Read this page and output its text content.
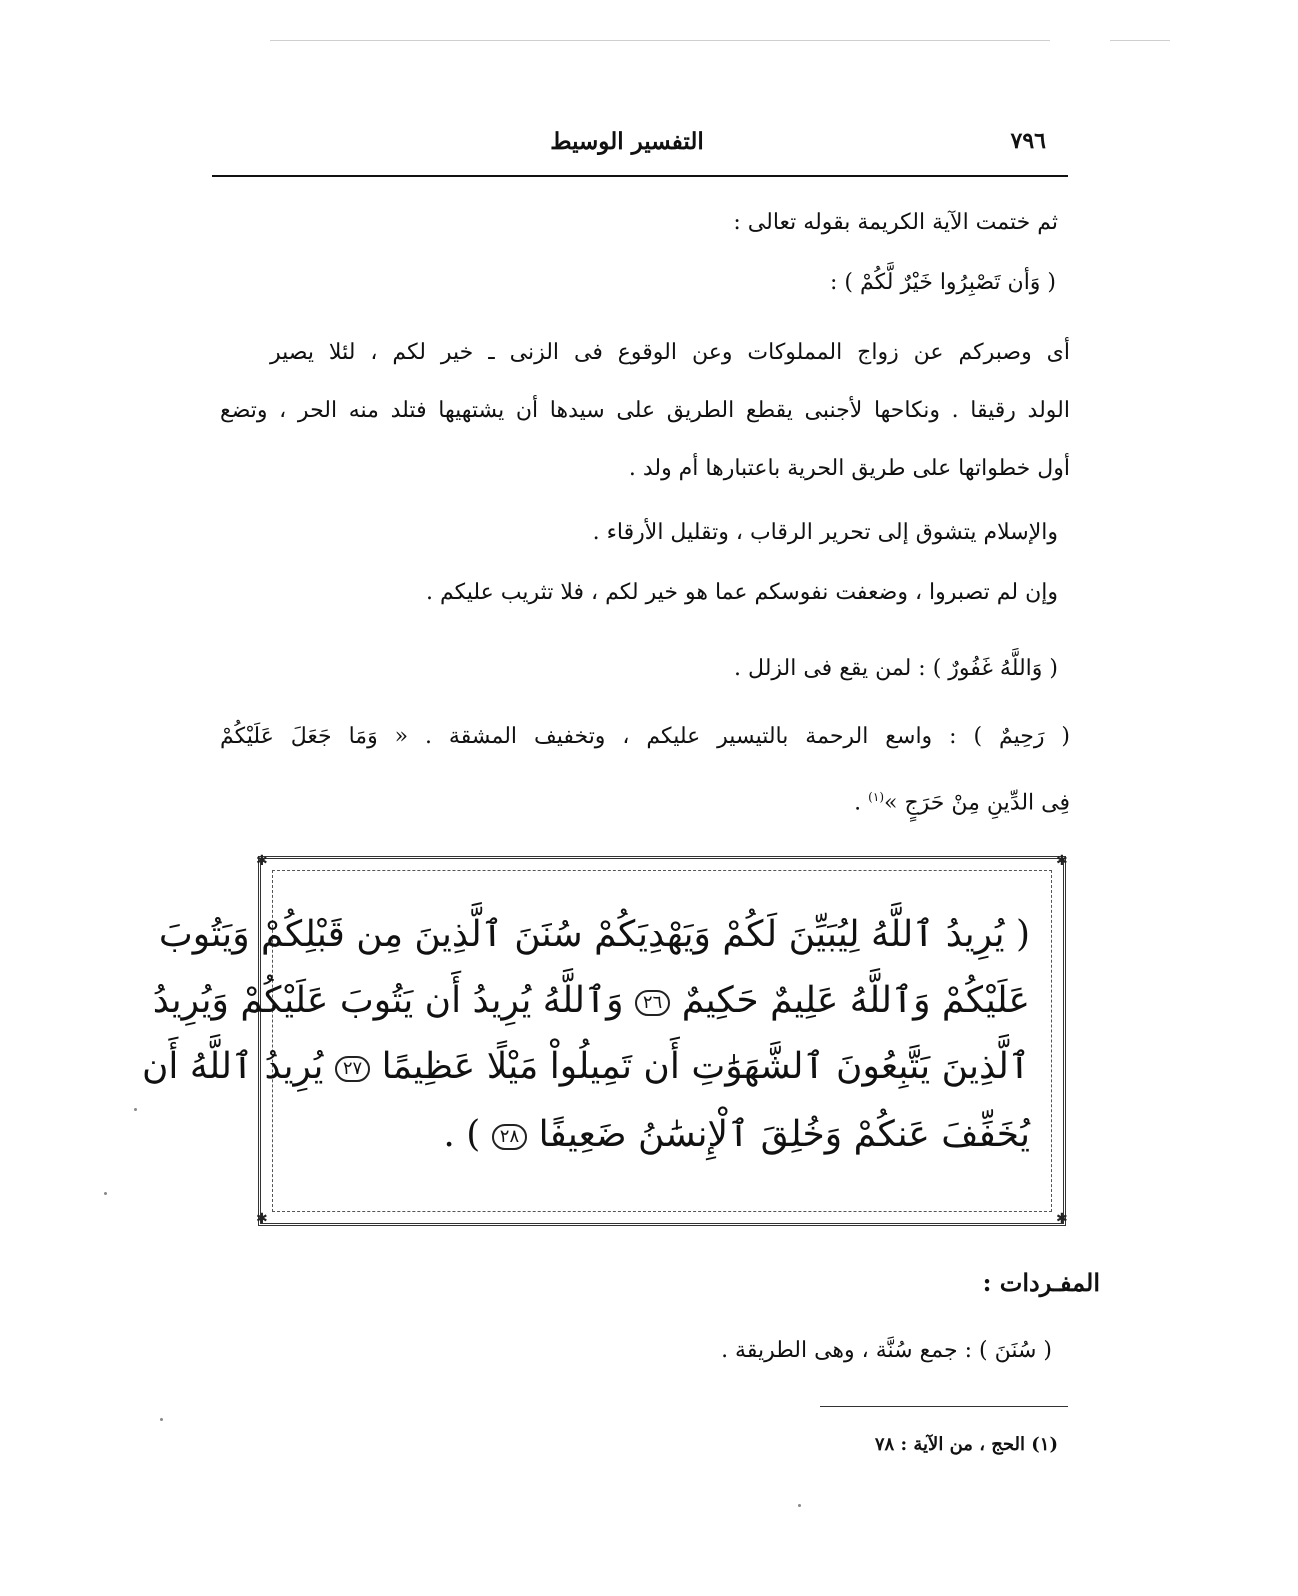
٧٩٦
التفسير الوسيط
ثم ختمت الآية الكريمة بقوله تعالى :
( وَأن تَصْبِرُوا خَيْرٌ لَّكُمْ ) :
أى وصبركم عن زواج المملوكات وعن الوقوع فى الزنى ـ خير لكم ، لئلا يصير
الولد رقيقا . ونكاحها لأجنبى يقطع الطريق على سيدها أن يشتهيها فتلد منه الحر ، وتضع
أول خطواتها على طريق الحرية باعتبارها أم ولد .
والإسلام يتشوق إلى تحرير الرقاب ، وتقليل الأرقاء .
وإن لم تصبروا ، وضعفت نفوسكم عما هو خير لكم ، فلا تثريب عليكم .
( وَاللَّهُ غَفُورٌ ) : لمن يقع فى الزلل .
( رَحِيمٌ ) : واسع الرحمة بالتيسير عليكم ، وتخفيف المشقة . « وَمَا جَعَلَ عَلَيْكُمْ
فِى الدِّينِ مِنْ حَرَجٍ »$^{(١)}$ .
✱	✱
✱	✱
( يُرِيدُ ٱللَّهُ لِيُبَيِّنَ لَكُمْ وَيَهْدِيَكُمْ سُنَنَ ٱلَّذِينَ مِن قَبْلِكُمْ وَيَتُوبَ
عَلَيْكُمْ وَٱللَّهُ عَلِيمٌ حَكِيمٌ ٢٦ وَٱللَّهُ يُرِيدُ أَن يَتُوبَ عَلَيْكُمْ وَيُرِيدُ
ٱلَّذِينَ يَتَّبِعُونَ ٱلشَّهَوَٰتِ أَن تَمِيلُواْ مَيْلًا عَظِيمًا ٢٧ يُرِيدُ ٱللَّهُ أَن
يُخَفِّفَ عَنكُمْ وَخُلِقَ ٱلْإِنسَٰنُ ضَعِيفًا ٢٨ ) .
المفـردات :
( سُنَنَ ) : جمع سُنَّة ، وهى الطريقة .
(١) الحج ، من الآية : ٧٨
